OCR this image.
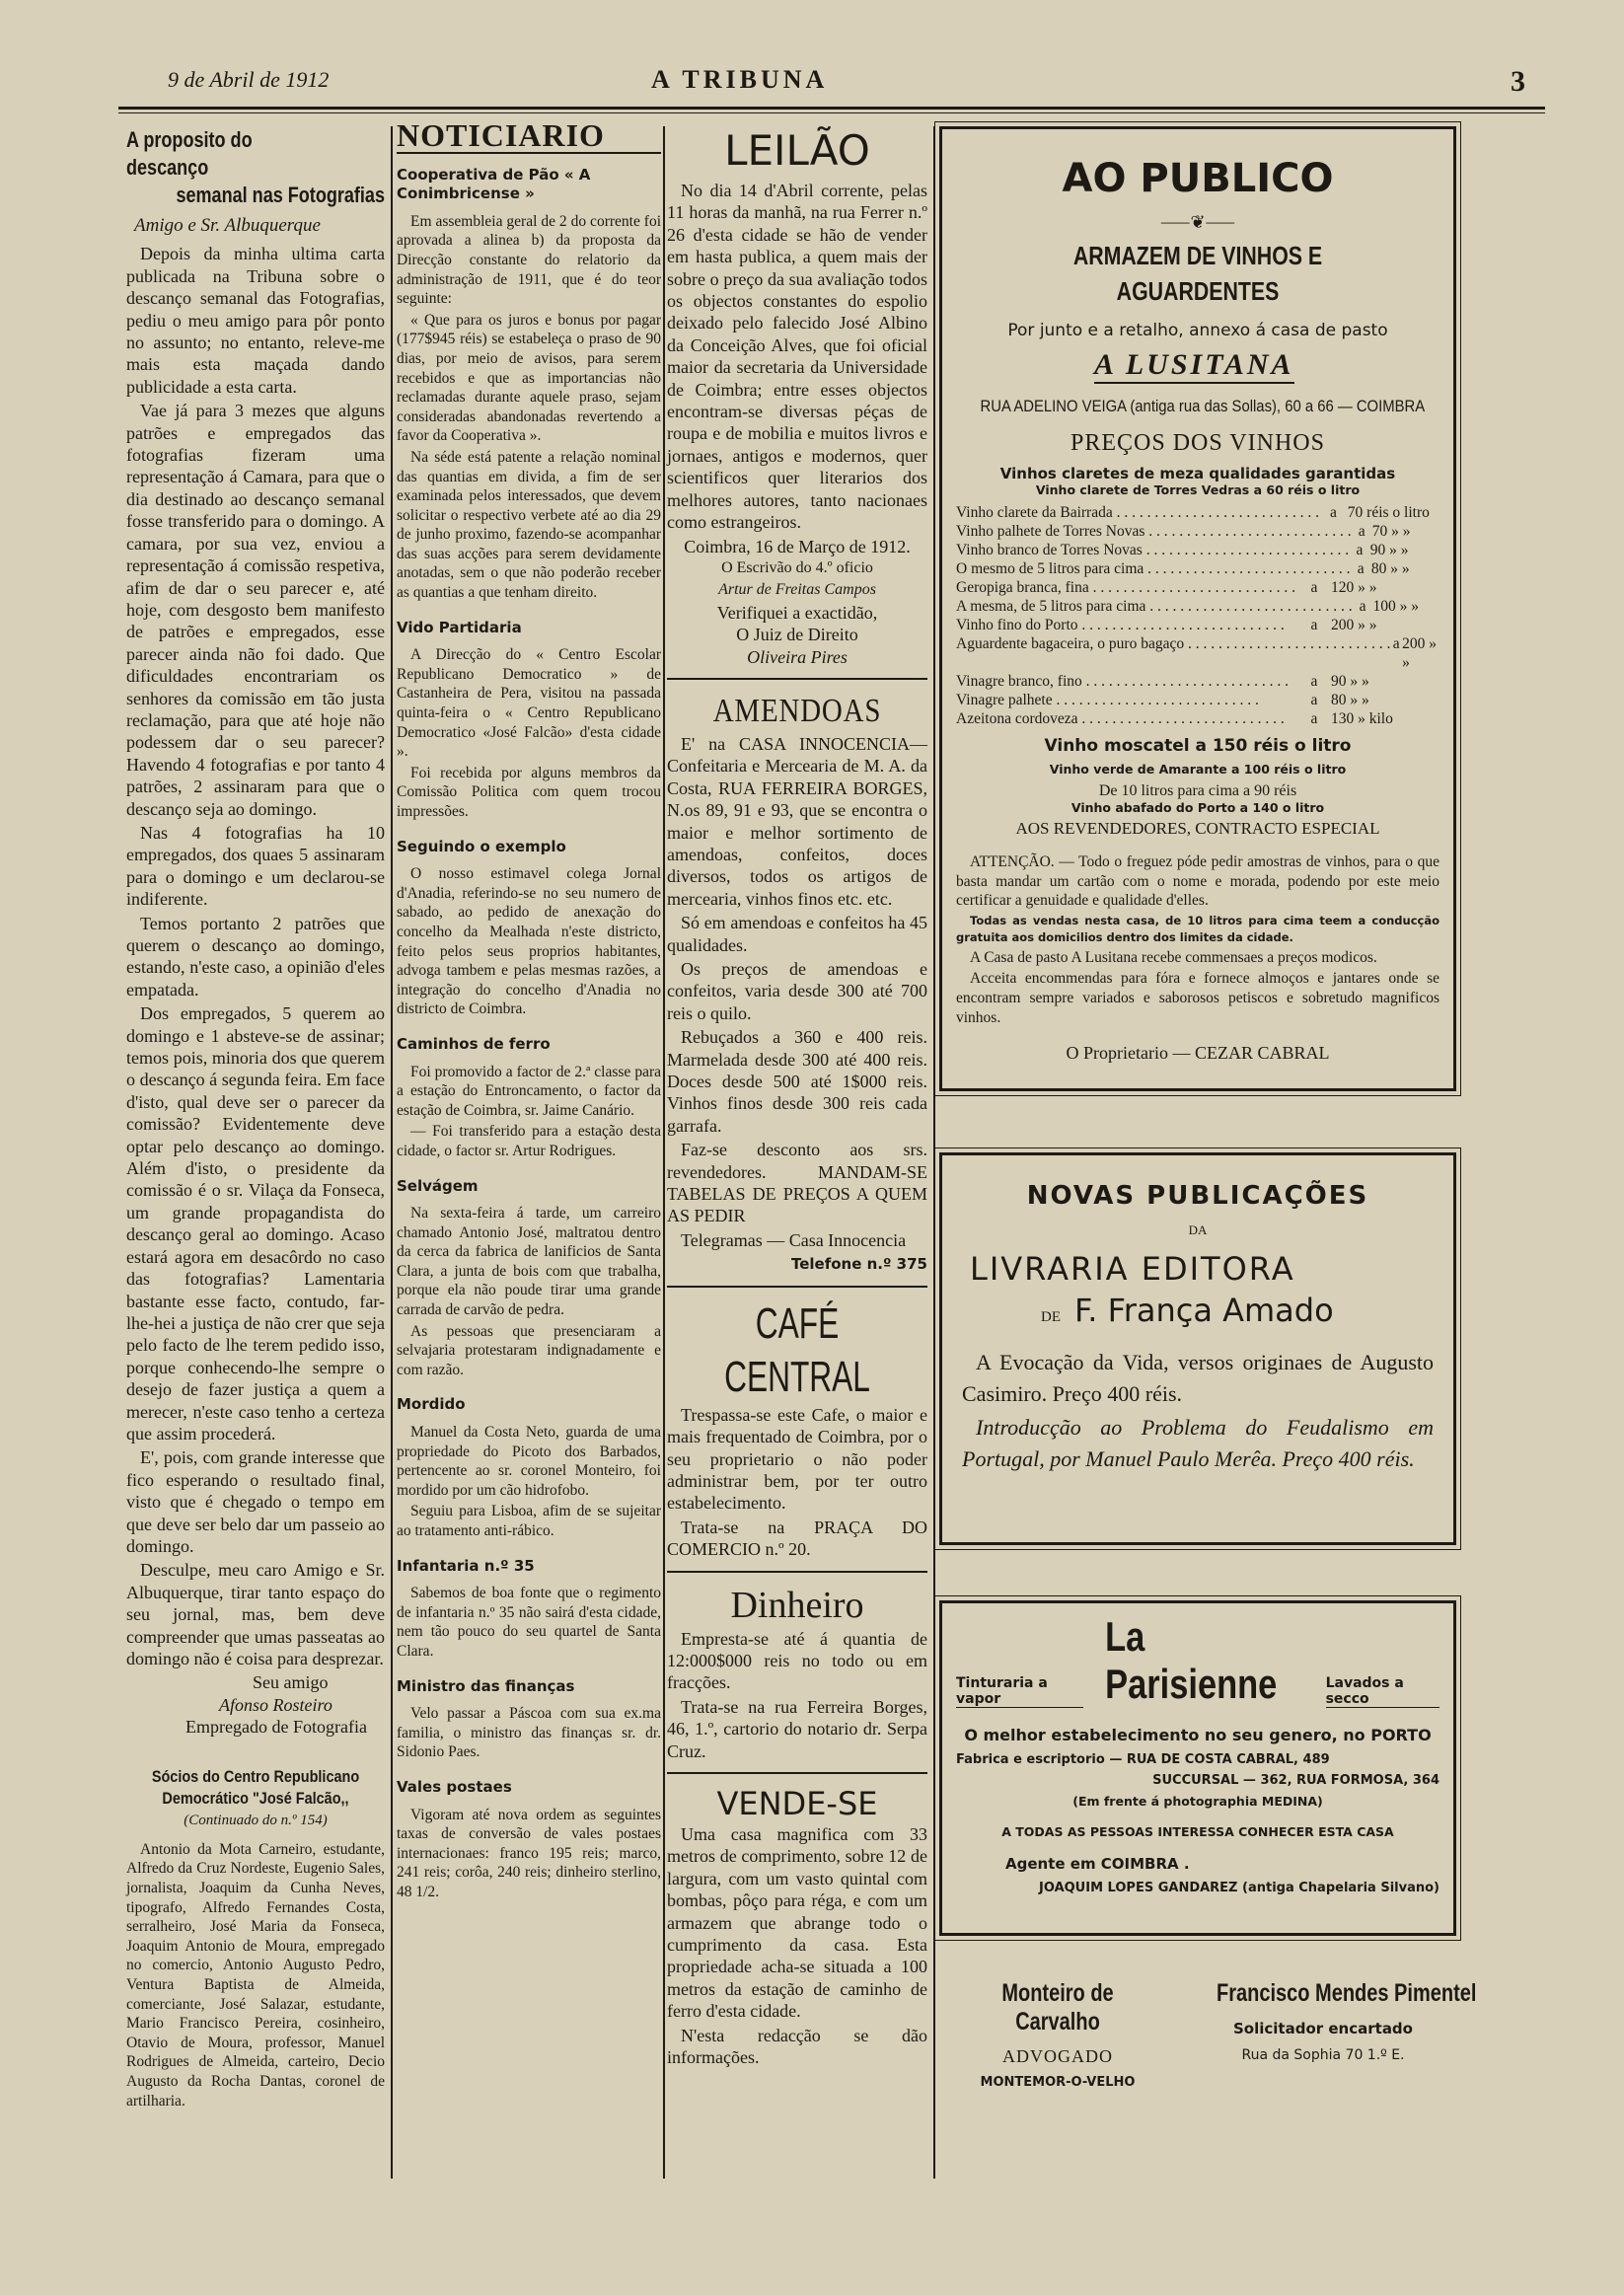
9 de Abril de 1912	A TRIBUNA	3
A proposito do descanço
semanal nas Fotografias
Amigo e Sr. Albuquerque

Depois da minha ultima carta publicada na Tribuna sobre o descanço semanal das Fotografias, pediu o meu amigo para pôr ponto no assunto; no entanto, releve-me mais esta maçada dando publicidade a esta carta.

Vae já para 3 mezes que alguns patrões e empregados das fotografias fizeram uma representação á Camara, para que o dia destinado ao descanço semanal fosse transferido para o domingo. A camara, por sua vez, enviou a representação á comissão respetiva, afim de dar o seu parecer e, até hoje, com desgosto bem manifesto de patrões e empregados, esse parecer ainda não foi dado. Que dificuldades encontrariam os senhores da comissão em tão justa reclamação, para que até hoje não podessem dar o seu parecer? Havendo 4 fotografias e por tanto 4 patrões, 2 assinaram para que o descanço seja ao domingo.

Nas 4 fotografias ha 10 empregados, dos quaes 5 assinaram para o domingo e um declarou-se indiferente.

Temos portanto 2 patrões que querem o descanço ao domingo, estando, n'este caso, a opinião d'eles empatada.

Dos empregados, 5 querem ao domingo e 1 absteve-se de assinar; temos pois, minoria dos que querem o descanço á segunda feira. Em face d'isto, qual deve ser o parecer da comissão? Evidentemente deve optar pelo descanço ao domingo. Além d'isto, o presidente da comissão é o sr. Vilaça da Fonseca, um grande propagandista do descanço geral ao domingo. Acaso estará agora em desacôrdo no caso das fotografias? Lamentaria bastante esse facto, contudo, far-lhe-hei a justiça de não crer que seja pelo facto de lhe terem pedido isso, porque conhecendo-lhe sempre o desejo de fazer justiça a quem a merecer, n'este caso tenho a certeza que assim procederá.

E', pois, com grande interesse que fico esperando o resultado final, visto que é chegado o tempo em que deve ser belo dar um passeio ao domingo.

Desculpe, meu caro Amigo e Sr. Albuquerque, tirar tanto espaço do seu jornal, mas, bem deve compreender que umas passeatas ao domingo não é coisa para desprezar.

Seu amigo
Afonso Rosteiro
Empregado de Fotografia
Sócios do Centro Republicano
Democrático "José Falcão,,
(Continuado do n.º 154)

Antonio da Mota Carneiro, estudante, Alfredo da Cruz Nordeste, Eugenio Sales, jornalista, Joaquim da Cunha Neves, tipografo, Alfredo Fernandes Costa, serralheiro, José Maria da Fonseca, Joaquim Antonio de Moura, empregado no comercio, Antonio Augusto Pedro, Ventura Baptista de Almeida, comerciante, José Salazar, estudante, Mario Francisco Pereira, cosinheiro, Otavio de Moura, professor, Manuel Rodrigues de Almeida, carteiro, Decio Augusto da Rocha Dantas, coronel de artilharia.

NOTICIARIO
Cooperativa de Pão « A Conimbricense »

Em assembleia geral de 2 do corrente foi aprovada a alinea b) da proposta da Direcção constante do relatorio da administração de 1911, que é do teor seguinte:

« Que para os juros e bonus por pagar (177$945 réis) se estabeleça o praso de 90 dias, por meio de avisos, para serem recebidos e que as importancias não reclamadas durante aquele praso, sejam consideradas abandonadas revertendo a favor da Cooperativa ».

Na séde está patente a relação nominal das quantias em divida, a fim de ser examinada pelos interessados, que devem solicitar o respectivo verbete até ao dia 29 de junho proximo, fazendo-se acompanhar das suas acções para serem devidamente anotadas, sem o que não poderão receber as quantias a que tenham direito.

Vido Partidaria

A Direcção do « Centro Escolar Republicano Democratico » de Castanheira de Pera, visitou na passada quinta-feira o « Centro Republicano Democratico «José Falcão» d'esta cidade ».

Foi recebida por alguns membros da Comissão Politica com quem trocou impressões.

Seguindo o exemplo

O nosso estimavel colega Jornal d'Anadia, referindo-se no seu numero de sabado, ao pedido de anexação do concelho da Mealhada n'este districto, feito pelos seus proprios habitantes, advoga tambem e pelas mesmas razões, a integração do concelho d'Anadia no districto de Coimbra.

Caminhos de ferro

Foi promovido a factor de 2.ª classe para a estação do Entroncamento, o factor da estação de Coimbra, sr. Jaime Canário.

— Foi transferido para a estação desta cidade, o factor sr. Artur Rodrigues.

Selvágem

Na sexta-feira á tarde, um carreiro chamado Antonio José, maltratou dentro da cerca da fabrica de lanificios de Santa Clara, a junta de bois com que trabalha, porque ela não poude tirar uma grande carrada de carvão de pedra.

As pessoas que presenciaram a selvajaria protestaram indignadamente e com razão.

Mordido

Manuel da Costa Neto, guarda de uma propriedade do Picoto dos Barbados, pertencente ao sr. coronel Monteiro, foi mordido por um cão hidrofobo.

Seguiu para Lisboa, afim de se sujeitar ao tratamento anti-rábico.

Infantaria n.º 35

Sabemos de boa fonte que o regimento de infantaria n.º 35 não sairá d'esta cidade, nem tão pouco do seu quartel de Santa Clara.

Ministro das finanças

Velo passar a Páscoa com sua ex.ma familia, o ministro das finanças sr. dr. Sidonio Paes.

Vales postaes

Vigoram até nova ordem as seguintes taxas de conversão de vales postaes internacionaes: franco 195 reis; marco, 241 reis; corôa, 240 reis; dinheiro sterlino, 48 1/2.

LEILÃO

No dia 14 d'Abril corrente, pelas 11 horas da manhã, na rua Ferrer n.º 26 d'esta cidade se hão de vender em hasta publica, a quem mais der sobre o preço da sua avaliação todos os objectos constantes do espolio deixado pelo falecido José Albino da Conceição Alves, que foi oficial maior da secretaria da Universidade de Coimbra; entre esses objectos encontram-se diversas péças de roupa e de mobilia e muitos livros e jornaes, antigos e modernos, quer scientificos quer literarios dos melhores autores, tanto nacionaes como estrangeiros.

Coimbra, 16 de Março de 1912.
O Escrivão do 4.º oficio
Artur de Freitas Campos
Verifiquei a exactidão,
O Juiz de Direito
Oliveira Pires
AMENDOAS

E' na CASA INNOCENCIA—Confeitaria e Mercearia de M. A. da Costa, RUA FERREIRA BORGES, N.os 89, 91 e 93, que se encontra o maior e melhor sortimento de amendoas, confeitos, doces diversos, todos os artigos de mercearia, vinhos finos etc. etc.

Só em amendoas e confeitos ha 45 qualidades.

Os preços de amendoas e confeitos, varia desde 300 até 700 reis o quilo.

Rebuçados a 360 e 400 reis. Marmelada desde 300 até 400 reis. Doces desde 500 até 1$000 reis. Vinhos finos desde 300 reis cada garrafa.

Faz-se desconto aos srs. revendedores. MANDAM-SE TABELAS DE PREÇOS A QUEM AS PEDIR

Telegramas — Casa Innocencia

Telefone n.º 375
CAFÉ CENTRAL

Trespassa-se este Cafe, o maior e mais frequentado de Coimbra, por o seu proprietario o não poder administrar bem, por ter outro estabelecimento.

Trata-se na PRAÇA DO COMERCIO n.º 20.

Dinheiro

Empresta-se até á quantia de 12:000$000 reis no todo ou em fracções.

Trata-se na rua Ferreira Borges, 46, 1.º, cartorio do notario dr. Serpa Cruz.

VENDE-SE

Uma casa magnifica com 33 metros de comprimento, sobre 12 de largura, com um vasto quintal com bombas, pôço para réga, e com um armazem que abrange todo o cumprimento da casa. Esta propriedade acha-se situada a 100 metros da estação de caminho de ferro d'esta cidade.

N'esta redacção se dão informações.

AO PUBLICO
⸺❦⸺
ARMAZEM DE VINHOS E AGUARDENTES
Por junto e a retalho, annexo á casa de pasto
A LUSITANA
RUA ADELINO VEIGA (antiga rua das Sollas), 60 a 66 — COIMBRA
PREÇOS DOS VINHOS
Vinhos claretes de meza qualidades garantidas
Vinho clarete de Torres Vedras a 60 réis o litro
Vinho clarete da Bairrada . . . . . . . . . . . . . . . . . . . . . . . . . . . a 70 réis o litro
Vinho palhete de Torres Novas . . . . . . . . . . . . . . . . . . . . . . . . . . . a 70 » »
Vinho branco de Torres Novas . . . . . . . . . . . . . . . . . . . . . . . . . . . a 90 » »
O mesmo de 5 litros para cima . . . . . . . . . . . . . . . . . . . . . . . . . . . a 80 » »
Geropiga branca, fina . . . . . . . . . . . . . . . . . . . . . . . . . . .	a 120 » »
A mesma, de 5 litros para cima . . . . . . . . . . . . . . . . . . . . . . . . . . . a 100 » »
Vinho fino do Porto . . . . . . . . . . . . . . . . . . . . . . . . . . .	a 200 » »
Aguardente bagaceira, o puro bagaço . . . . . . . . . . . . . . . . . . . . . . . . . . . a 200 » »
Vinagre branco, fino . . . . . . . . . . . . . . . . . . . . . . . . . . .	a 90 » »
Vinagre palhete . . . . . . . . . . . . . . . . . . . . . . . . . . .	a 80 » »
Azeitona cordoveza . . . . . . . . . . . . . . . . . . . . . . . . . . .	a 130 » kilo
Vinho moscatel a 150 réis o litro
Vinho verde de Amarante a 100 réis o litro
De 10 litros para cima a 90 réis
Vinho abafado do Porto a 140 o litro
AOS REVENDEDORES, CONTRACTO ESPECIAL

ATTENÇÃO. — Todo o freguez póde pedir amostras de vinhos, para o que basta mandar um cartão com o nome e morada, podendo por este meio certificar a genuidade e qualidade d'elles.

Todas as vendas nesta casa, de 10 litros para cima teem a conducção gratuita aos domicilios dentro dos limites da cidade.

A Casa de pasto A Lusitana recebe commensaes a preços modicos.

Acceita encommendas para fóra e fornece almoços e jantares onde se encontram sempre variados e saborosos petiscos e sobretudo magnificos vinhos.

O Proprietario — CEZAR CABRAL
NOVAS PUBLICAÇÕES
DA
LIVRARIA EDITORA
DE F. França Amado

A Evocação da Vida, versos originaes de Augusto Casimiro. Preço 400 réis.

Introducção ao Problema do Feudalismo em Portugal, por Manuel Paulo Merêa. Preço 400 réis.

Tinturaria a vapor
La Parisienne	Lavados a secco
O melhor estabelecimento no seu genero, no PORTO
Fabrica e escriptorio — RUA DE COSTA CABRAL, 489
SUCCURSAL — 362, RUA FORMOSA, 364
(Em frente á photographia MEDINA)
A TODAS AS PESSOAS INTERESSA CONHECER ESTA CASA
Agente em COIMBRA .
JOAQUIM LOPES GANDAREZ (antiga Chapelaria Silvano)
Monteiro de Carvalho
ADVOGADO
MONTEMOR-O-VELHO
Francisco Mendes Pimentel
Solicitador encartado
Rua da Sophia 70 1.º E.
